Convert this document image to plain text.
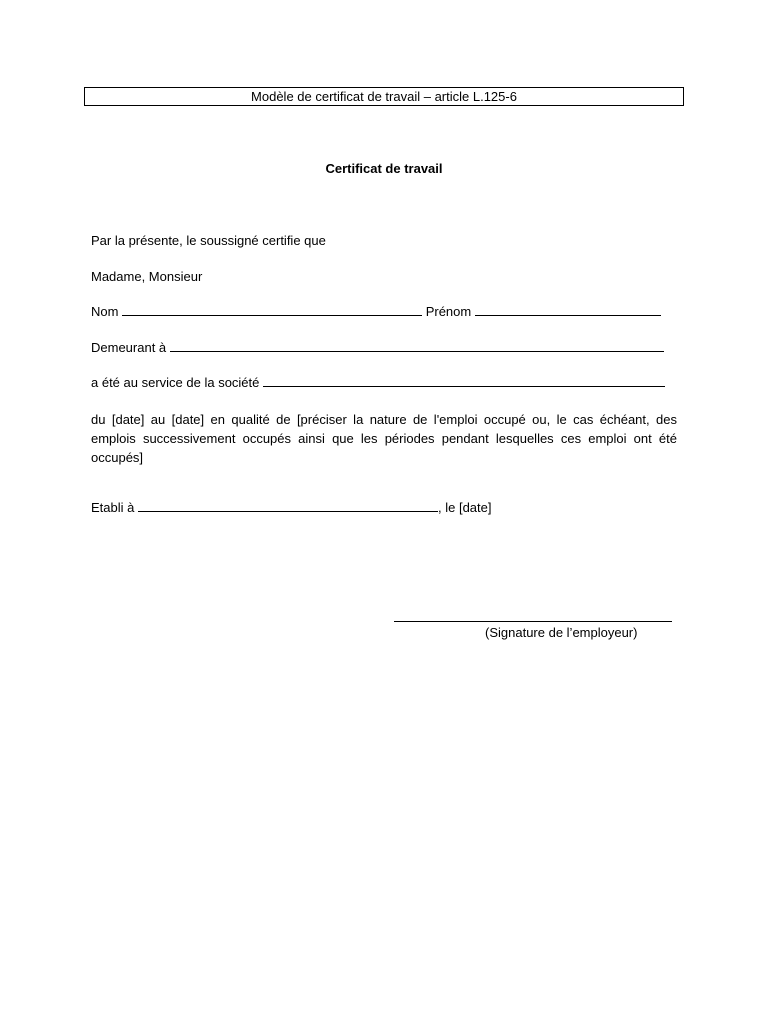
Modèle de certificat de travail – article L.125-6
Certificat de travail
Par la présente, le soussigné certifie que
Madame, Monsieur
Nom	Prénom
Demeurant à
a été au service de la société
du [date] au [date] en qualité de [préciser la nature de l'emploi occupé ou, le cas échéant, des emplois successivement occupés ainsi que les périodes pendant lesquelles ces emploi ont été occupés]
Etabli à	, le [date]
(Signature de l’employeur)
